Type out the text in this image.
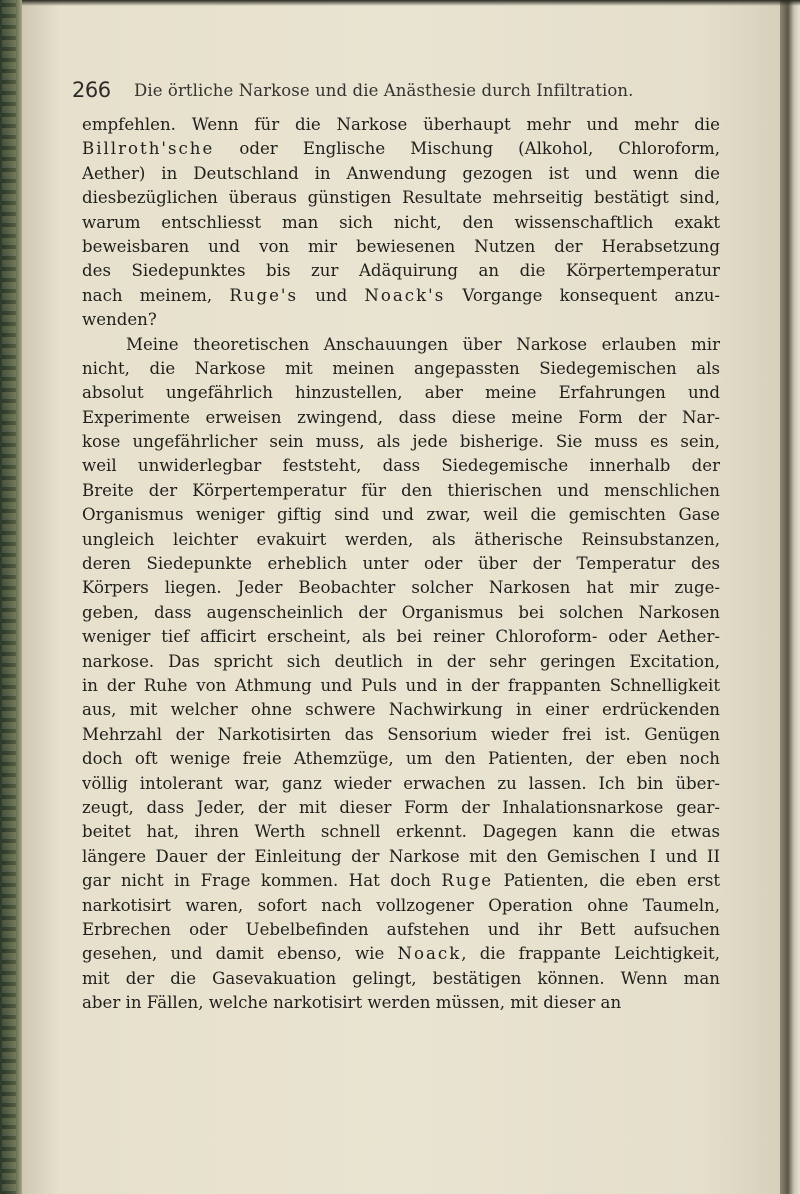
266 Die örtliche Narkose und die Anästhesie durch Infiltration.
empfehlen. Wenn für die Narkose überhaupt mehr und mehr die
Billroth'sche oder Englische Mischung (Alkohol, Chloroform,
Aether) in Deutschland in Anwendung gezogen ist und wenn die
diesbezüglichen überaus günstigen Resultate mehrseitig bestätigt sind,
warum entschliesst man sich nicht, den wissenschaftlich exakt
beweisbaren und von mir bewiesenen Nutzen der Herabsetzung
des Siedepunktes bis zur Adäquirung an die Körpertemperatur
nach meinem, Ruge's und Noack's Vorgange konsequent anzu-
wenden?
Meine theoretischen Anschauungen über Narkose erlauben mir
nicht, die Narkose mit meinen angepassten Siedegemischen als
absolut ungefährlich hinzustellen, aber meine Erfahrungen und
Experimente erweisen zwingend, dass diese meine Form der Nar-
kose ungefährlicher sein muss, als jede bisherige. Sie muss es sein,
weil unwiderlegbar feststeht, dass Siedegemische innerhalb der
Breite der Körpertemperatur für den thierischen und menschlichen
Organismus weniger giftig sind und zwar, weil die gemischten Gase
ungleich leichter evakuirt werden, als ätherische Reinsubstanzen,
deren Siedepunkte erheblich unter oder über der Temperatur des
Körpers liegen. Jeder Beobachter solcher Narkosen hat mir zuge-
geben, dass augenscheinlich der Organismus bei solchen Narkosen
weniger tief afficirt erscheint, als bei reiner Chloroform- oder Aether-
narkose. Das spricht sich deutlich in der sehr geringen Excitation,
in der Ruhe von Athmung und Puls und in der frappanten Schnelligkeit
aus, mit welcher ohne schwere Nachwirkung in einer erdrückenden
Mehrzahl der Narkotisirten das Sensorium wieder frei ist. Genügen
doch oft wenige freie Athemzüge, um den Patienten, der eben noch
völlig intolerant war, ganz wieder erwachen zu lassen. Ich bin über-
zeugt, dass Jeder, der mit dieser Form der Inhalationsnarkose gear-
beitet hat, ihren Werth schnell erkennt. Dagegen kann die etwas
längere Dauer der Einleitung der Narkose mit den Gemischen I und II
gar nicht in Frage kommen. Hat doch Ruge Patienten, die eben erst
narkotisirt waren, sofort nach vollzogener Operation ohne Taumeln,
Erbrechen oder Uebelbefinden aufstehen und ihr Bett aufsuchen
gesehen, und damit ebenso, wie Noack, die frappante Leichtigkeit,
mit der die Gasevakuation gelingt, bestätigen können. Wenn man
aber in Fällen, welche narkotisirt werden müssen, mit dieser an
